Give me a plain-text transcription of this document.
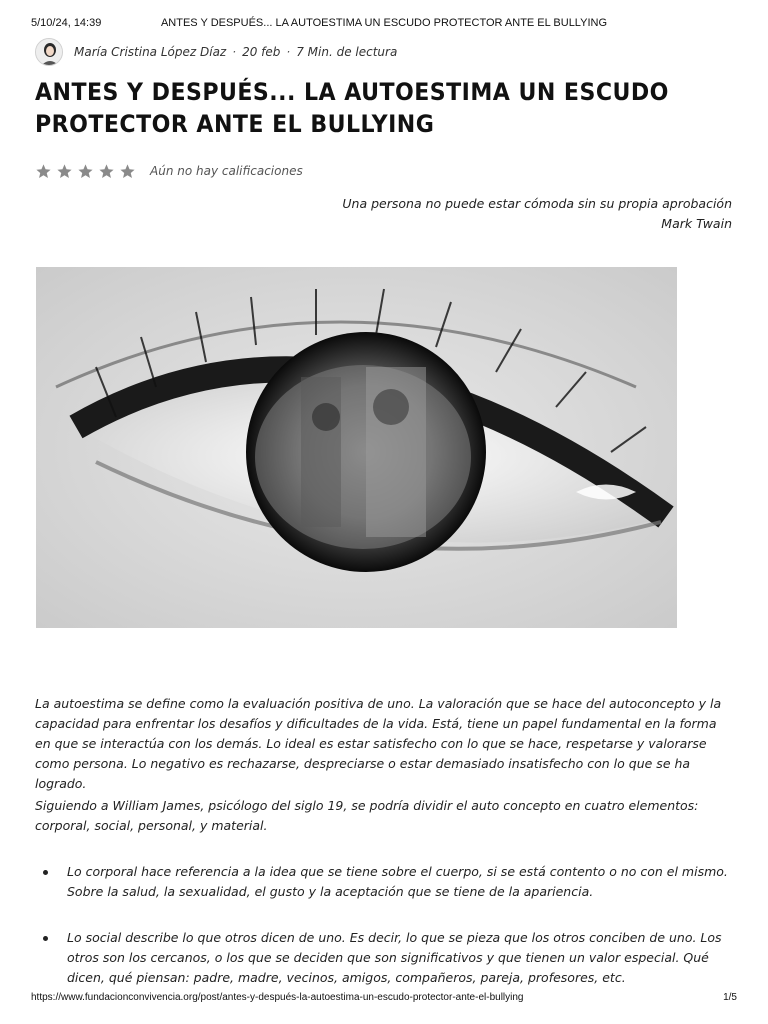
5/10/24, 14:39	ANTES Y DESPUÉS... LA AUTOESTIMA UN ESCUDO PROTECTOR ANTE EL BULLYING
María Cristina López Díaz · 20 feb · 7 Min. de lectura
ANTES Y DESPUÉS... LA AUTOESTIMA UN ESCUDO PROTECTOR ANTE EL BULLYING
Aún no hay calificaciones
Una persona no puede estar cómoda sin su propia aprobación
Mark Twain

La autoestima se define como la evaluación positiva de uno. La valoración que se hace del autoconcepto y la capacidad para enfrentar los desafíos y dificultades de la vida. Está, tiene un papel fundamental en la forma en que se interactúa con los demás. Lo ideal es estar satisfecho con lo que se hace, respetarse y valorarse como persona. Lo negativo es rechazarse, despreciarse o estar demasiado insatisfecho con lo que se ha logrado.

Siguiendo a William James, psicólogo del siglo 19, se podría dividir el auto concepto en cuatro elementos: corporal, social, personal, y material.

Lo corporal hace referencia a la idea que se tiene sobre el cuerpo, si se está contento o no con el mismo. Sobre la salud, la sexualidad, el gusto y la aceptación que se tiene de la apariencia.
Lo social describe lo que otros dicen de uno. Es decir, lo que se pieza que los otros conciben de uno. Los otros son los cercanos, o los que se deciden que son significativos y que tienen un valor especial. Qué dicen, qué piensan: padre, madre, vecinos, amigos, compañeros, pareja, profesores, etc.
https://www.fundacionconvivencia.org/post/antes-y-después-la-autoestima-un-escudo-protector-ante-el-bullying	1/5
